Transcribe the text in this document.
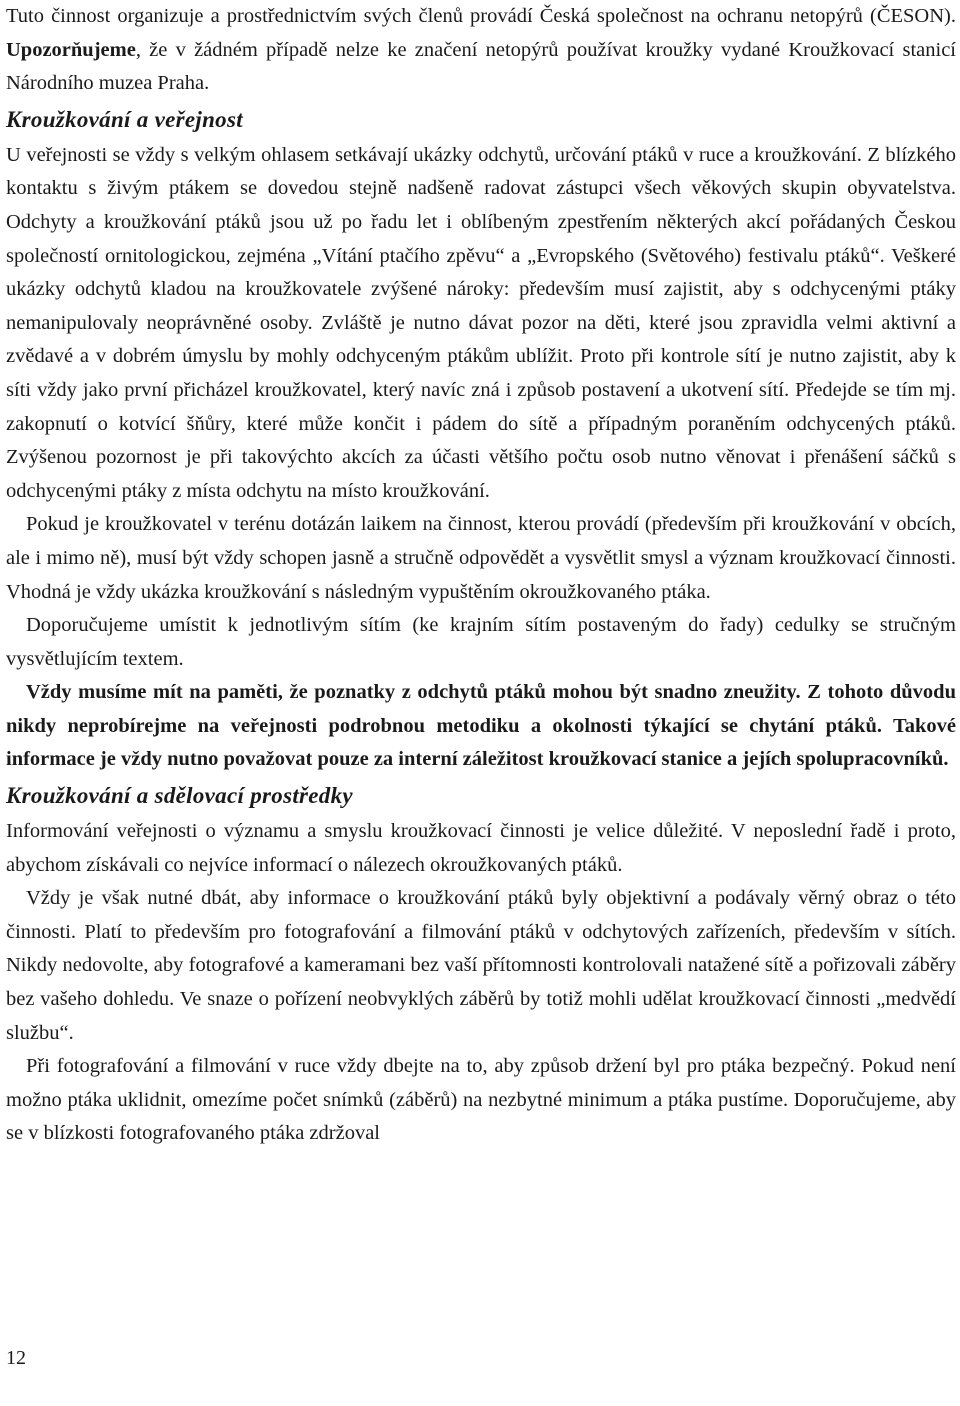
Tuto činnost organizuje a prostřednictvím svých členů provádí Česká společnost na ochranu netopýrů (ČESON). Upozorňujeme, že v žádném případě nelze ke značení netopýrů používat kroužky vydané Kroužkovací stanicí Národního muzea Praha.

Kroužkování a veřejnost

U veřejnosti se vždy s velkým ohlasem setkávají ukázky odchytů, určování ptáků v ruce a kroužkování. Z blízkého kontaktu s živým ptákem se dovedou stejně nadšeně radovat zástupci všech věkových skupin obyvatelstva. Odchyty a kroužkování ptáků jsou už po řadu let i oblíbeným zpestřením některých akcí pořádaných Českou společností ornitologickou, zejména „Vítání ptačího zpěvu“ a „Evropského (Světového) festivalu ptáků“. Veškeré ukázky odchytů kladou na kroužkovatele zvýšené nároky: především musí zajistit, aby s odchycenými ptáky nemanipulovaly neoprávněné osoby. Zvláště je nutno dávat pozor na děti, které jsou zpravidla velmi aktivní a zvědavé a v dobrém úmyslu by mohly odchyceným ptákům ublížit. Proto při kontrole sítí je nutno zajistit, aby k síti vždy jako první přicházel kroužkovatel, který navíc zná i způsob postavení a ukotvení sítí. Předejde se tím mj. zakopnutí o kotvící šňůry, které může končit i pádem do sítě a případným poraněním odchycených ptáků. Zvýšenou pozornost je při takovýchto akcích za účasti většího počtu osob nutno věnovat i přenášení sáčků s odchycenými ptáky z místa odchytu na místo kroužkování.

Pokud je kroužkovatel v terénu dotázán laikem na činnost, kterou provádí (především při kroužkování v obcích, ale i mimo ně), musí být vždy schopen jasně a stručně odpovědět a vysvětlit smysl a význam kroužkovací činnosti. Vhodná je vždy ukázka kroužkování s následným vypuštěním okroužkovaného ptáka.

Doporučujeme umístit k jednotlivým sítím (ke krajním sítím postaveným do řady) cedulky se stručným vysvětlujícím textem.

Vždy musíme mít na paměti, že poznatky z odchytů ptáků mohou být snadno zneužity. Z tohoto důvodu nikdy neprobírejme na veřejnosti podrobnou metodiku a okolnosti týkající se chytání ptáků. Takové informace je vždy nutno považovat pouze za interní záležitost kroužkovací stanice a jejích spolupracovníků.

Kroužkování a sdělovací prostředky

Informování veřejnosti o významu a smyslu kroužkovací činnosti je velice důležité. V neposlední řadě i proto, abychom získávali co nejvíce informací o nálezech okroužkovaných ptáků.

Vždy je však nutné dbát, aby informace o kroužkování ptáků byly objektivní a podávaly věrný obraz o této činnosti. Platí to především pro fotografování a filmování ptáků v odchytových zařízeních, především v sítích. Nikdy nedovolte, aby fotografové a kameramani bez vaší přítomnosti kontrolovali natažené sítě a pořizovali záběry bez vašeho dohledu. Ve snaze o pořízení neobvyklých záběrů by totiž mohli udělat kroužkovací činnosti „medvědí službu“.

Při fotografování a filmování v ruce vždy dbejte na to, aby způsob držení byl pro ptáka bezpečný. Pokud není možno ptáka uklidnit, omezíme počet snímků (záběrů) na nezbytné minimum a ptáka pustíme. Doporučujeme, aby se v blízkosti fotografovaného ptáka zdržoval

12
